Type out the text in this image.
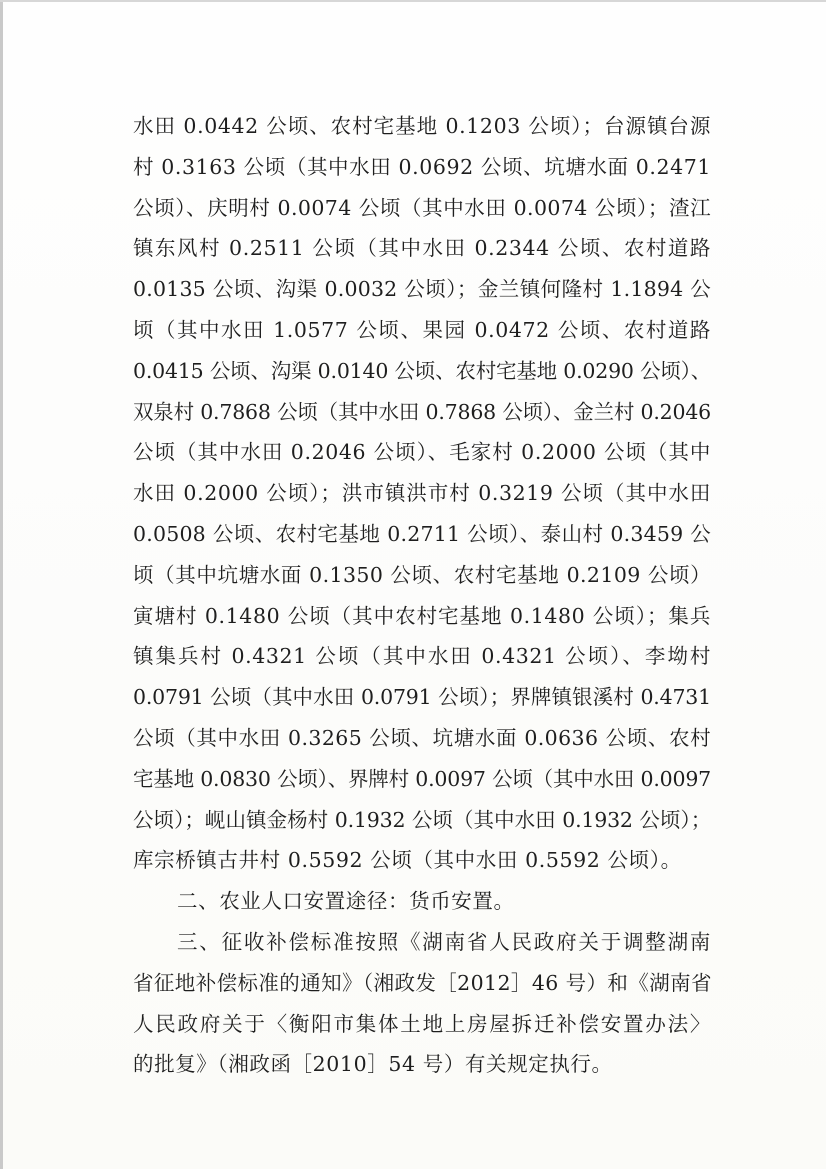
水田 0.0442 公顷、农村宅基地 0.1203 公顷）；台源镇台源
村 0.3163 公顷（其中水田 0.0692 公顷、坑塘水面 0.2471
公顷）、庆明村 0.0074 公顷（其中水田 0.0074 公顷）；渣江
镇东风村 0.2511 公顷（其中水田 0.2344 公顷、农村道路
0.0135 公顷、沟渠 0.0032 公顷）；金兰镇何隆村 1.1894 公
顷（其中水田 1.0577 公顷、果园 0.0472 公顷、农村道路
0.0415 公顷、沟渠 0.0140 公顷、农村宅基地 0.0290 公顷）、
双泉村 0.7868 公顷（其中水田 0.7868 公顷）、金兰村 0.2046
公顷（其中水田 0.2046 公顷）、毛家村 0.2000 公顷（其中
水田 0.2000 公顷）；洪市镇洪市村 0.3219 公顷（其中水田
0.0508 公顷、农村宅基地 0.2711 公顷）、泰山村 0.3459 公
顷（其中坑塘水面 0.1350 公顷、农村宅基地 0.2109 公顷）
寅塘村 0.1480 公顷（其中农村宅基地 0.1480 公顷）；集兵
镇集兵村 0.4321 公顷（其中水田 0.4321 公顷）、李坳村
0.0791 公顷（其中水田 0.0791 公顷）；界牌镇银溪村 0.4731
公顷（其中水田 0.3265 公顷、坑塘水面 0.0636 公顷、农村
宅基地 0.0830 公顷）、界牌村 0.0097 公顷（其中水田 0.0097
公顷）；岘山镇金杨村 0.1932 公顷（其中水田 0.1932 公顷）；
库宗桥镇古井村 0.5592 公顷（其中水田 0.5592 公顷）。
二、农业人口安置途径：货币安置。
三、征收补偿标准按照《湖南省人民政府关于调整湖南
省征地补偿标准的通知》（湘政发［2012］46 号）和《湖南省
人民政府关于〈衡阳市集体土地上房屋拆迁补偿安置办法〉
的批复》（湘政函［2010］54 号）有关规定执行。
